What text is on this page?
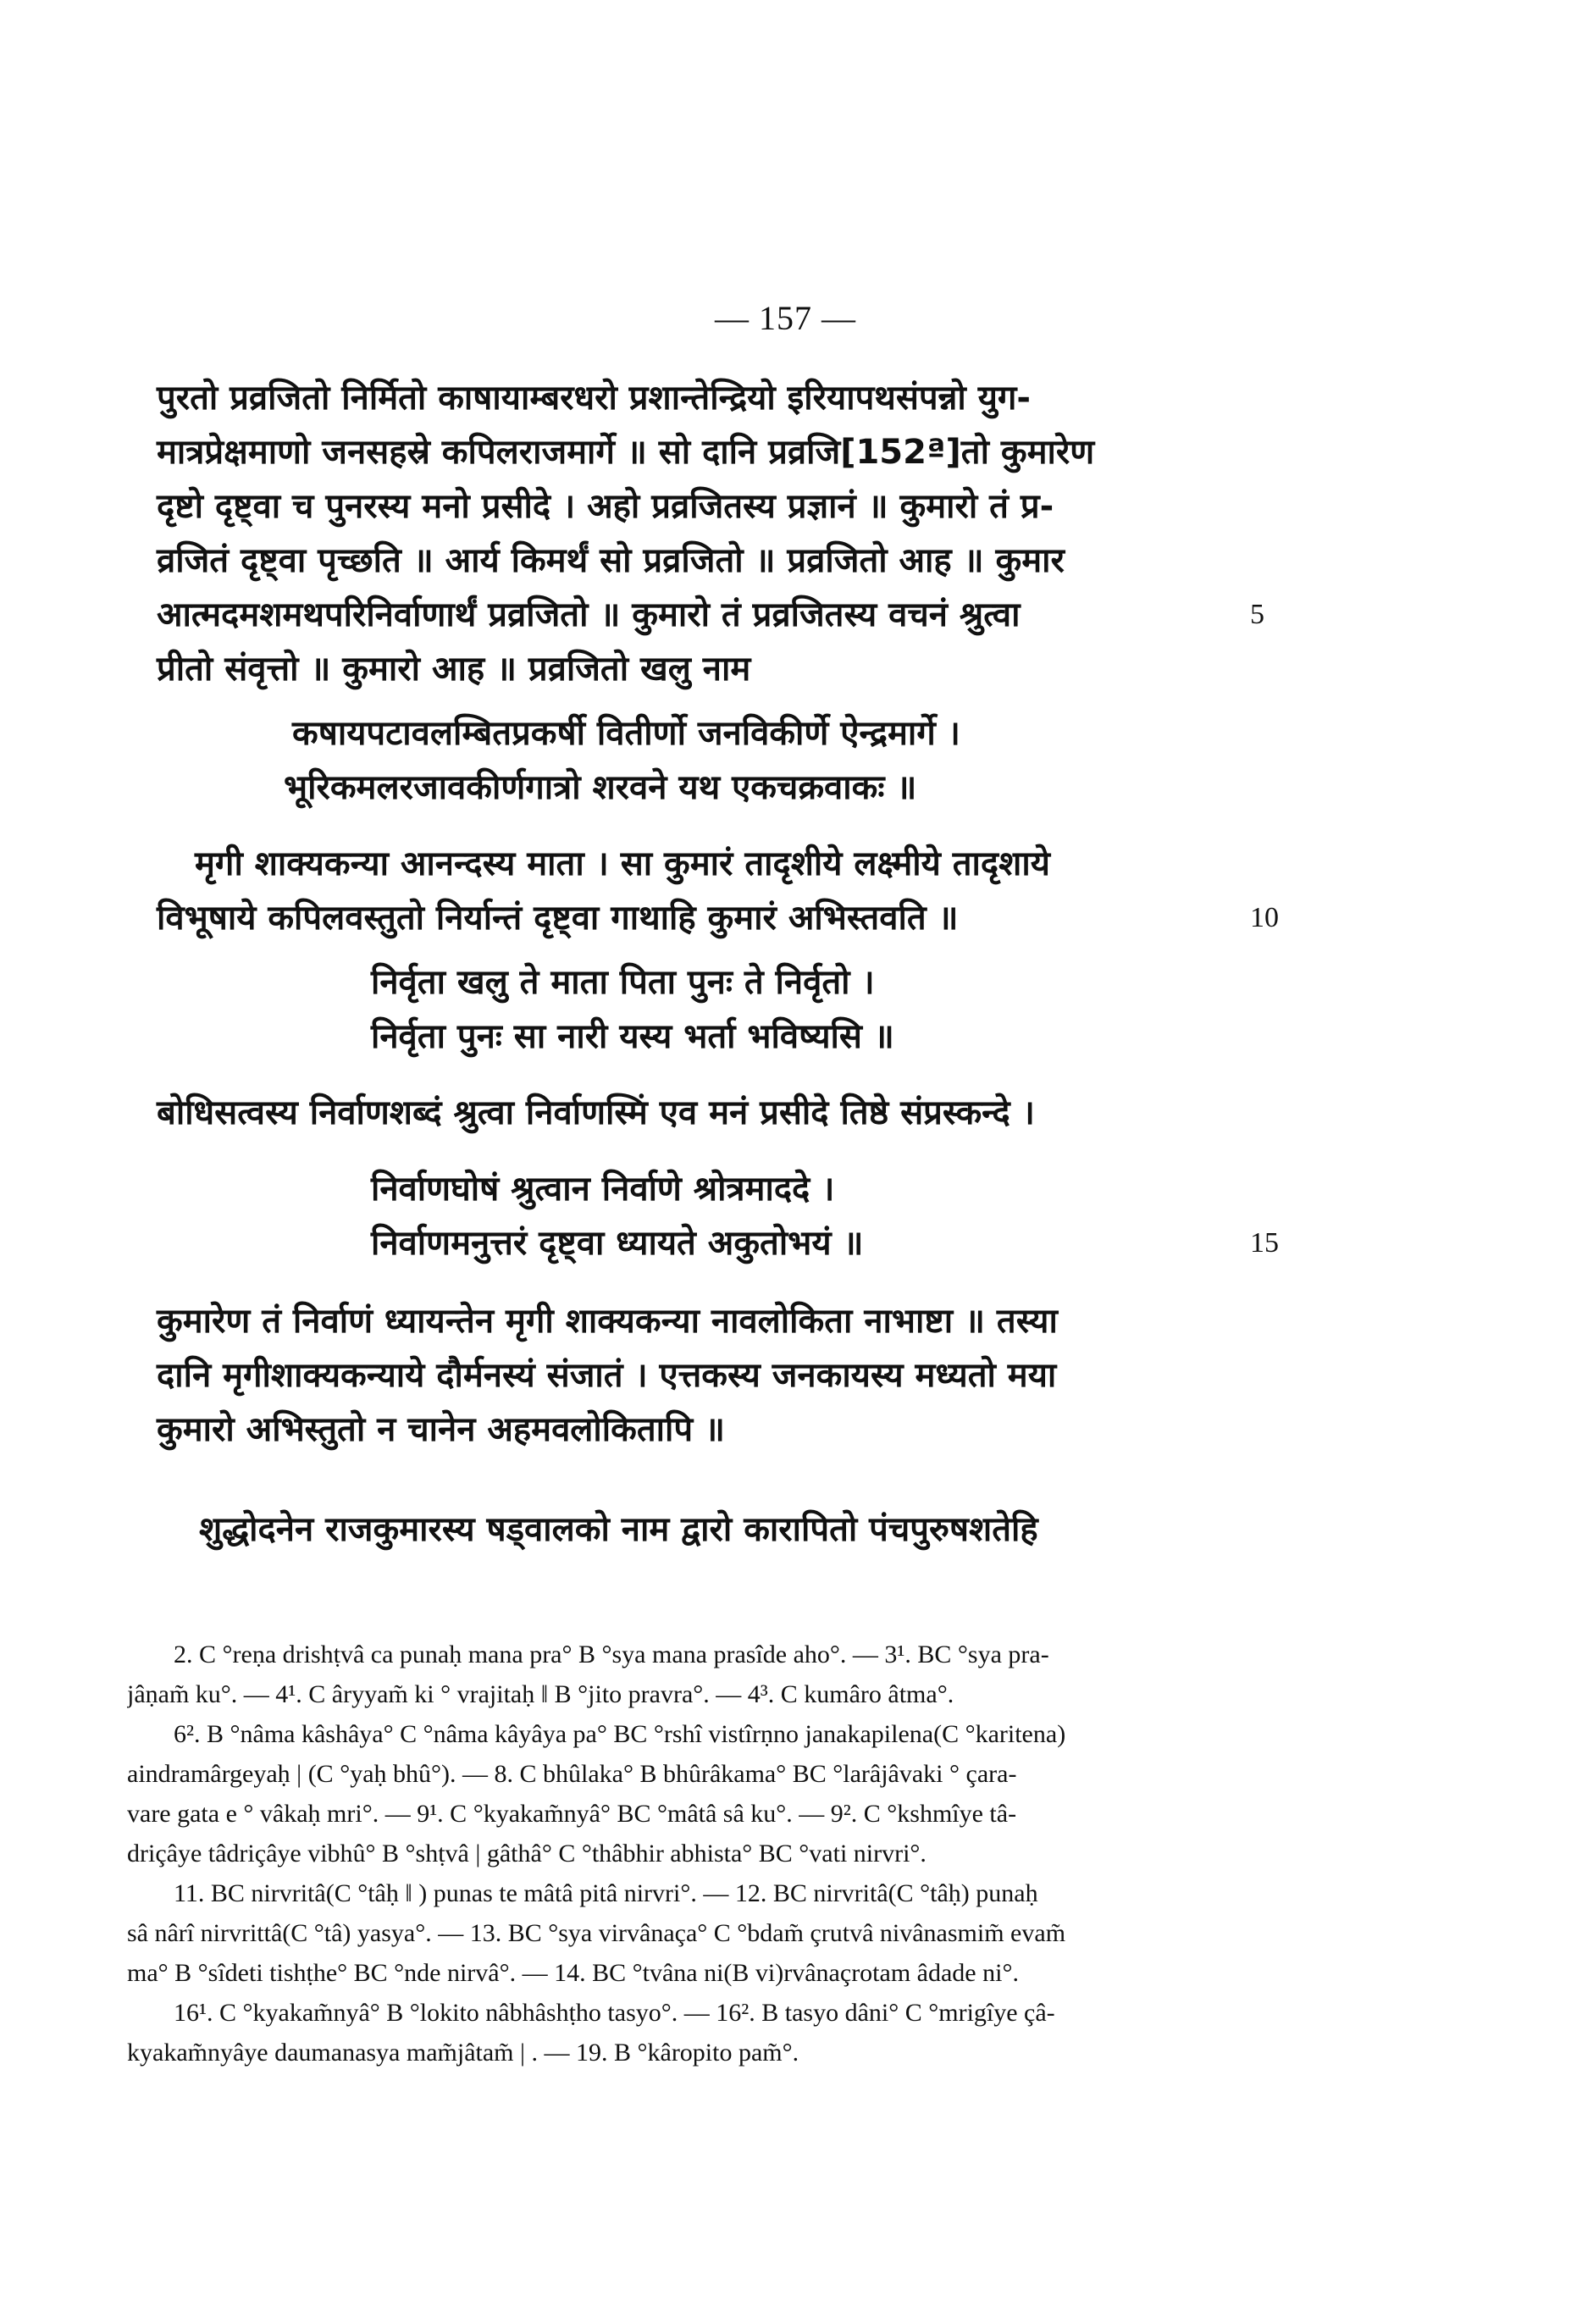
— 157 —
पुरतो प्रव्रजितो निर्मितो काषायाम्बरधरो प्रशान्तेन्द्रियो इरियापथसंपन्नो युग-
मात्रप्रेक्षमाणो जनसहस्रे कपिलराजमार्गे ॥ सो दानि प्रव्रजि[152ª]तो कुमारेण
दृष्टो दृष्ट्वा च पुनरस्य मनो प्रसीदे । अहो प्रव्रजितस्य प्रज्ञानं ॥ कुमारो तं प्र-
व्रजितं दृष्ट्वा पृच्छति ॥ आर्य किमर्थं सो प्रव्रजितो ॥ प्रव्रजितो आह ॥ कुमार
आत्मदमशमथपरिनिर्वाणार्थं प्रव्रजितो ॥ कुमारो तं प्रव्रजितस्य वचनं श्रुत्वा	5
प्रीतो संवृत्तो ॥ कुमारो आह ॥ प्रव्रजितो खलु नाम
कषायपटावलम्बितप्रकर्षी वितीर्णो जनविकीर्णे ऐन्द्रमार्गे ।
भूरिकमलरजावकीर्णगात्रो शरवने यथ एकचक्रवाकः ॥
मृगी शाक्यकन्या आनन्दस्य माता । सा कुमारं तादृशीये लक्ष्मीये तादृशाये
विभूषाये कपिलवस्तुतो निर्यान्तं दृष्ट्वा गाथाहि कुमारं अभिस्तवति ॥	10
निर्वृता खलु ते माता पिता पुनः ते निर्वृतो ।
निर्वृता पुनः सा नारी यस्य भर्ता भविष्यसि ॥
बोधिसत्वस्य निर्वाणशब्दं श्रुत्वा निर्वाणस्मिं एव मनं प्रसीदे तिष्ठे संप्रस्कन्दे ।
निर्वाणघोषं श्रुत्वान निर्वाणे श्रोत्रमाददे ।
निर्वाणमनुत्तरं दृष्ट्वा ध्यायते अकुतोभयं ॥	15
कुमारेण तं निर्वाणं ध्यायन्तेन मृगी शाक्यकन्या नावलोकिता नाभाष्टा ॥ तस्या
दानि मृगीशाक्यकन्याये दौर्मनस्यं संजातं । एत्तकस्य जनकायस्य मध्यतो मया
कुमारो अभिस्तुतो न चानेन अहमवलोकितापि ॥
शुद्धोदनेन राजकुमारस्य षड्वालको नाम द्वारो कारापितो पंचपुरुषशतेहि
2. C °reṇa drishṭvâ ca punaḥ mana pra° B °sya mana prasîde aho°. — 3¹. BC °sya pra-
jâṇam̃ ku°. — 4¹. C âryyam̃ ki ° vrajitaḥ ‖ B °jito pravra°. — 4³. C kumâro âtma°.
6². B °nâma kâshâya° C °nâma kâyâya pa° BC °rshî vistîrṇno janakapilena(C °karitena)
aindramârgeyaḥ | (C °yaḥ bhû°). — 8. C bhûlaka° B bhûrâkama° BC °larâjâvaki ° çara-
vare gata e ° vâkaḥ mri°. — 9¹. C °kyakam̃nyâ° BC °mâtâ sâ ku°. — 9². C °kshmîye tâ-
driçâye tâdriçâye vibhû° B °shṭvâ | gâthâ° C °thâbhir abhista° BC °vati nirvri°.
11. BC nirvritâ(C °tâḥ ‖ ) punas te mâtâ pitâ nirvri°. — 12. BC nirvritâ(C °tâḥ) punaḥ
sâ nârî nirvrittâ(C °tâ) yasya°. — 13. BC °sya virvânaça° C °bdam̃ çrutvâ nivânasmim̃ evam̃
ma° B °sîdeti tishṭhe° BC °nde nirvâ°. — 14. BC °tvâna ni(B vi)rvânaçrotam âdade ni°.
16¹. C °kyakam̃nyâ° B °lokito nâbhâshṭho tasyo°. — 16². B tasyo dâni° C °mrigîye çâ-
kyakam̃nyâye daumanasya mam̃jâtam̃ | . — 19. B °kâropito pam̃°.
